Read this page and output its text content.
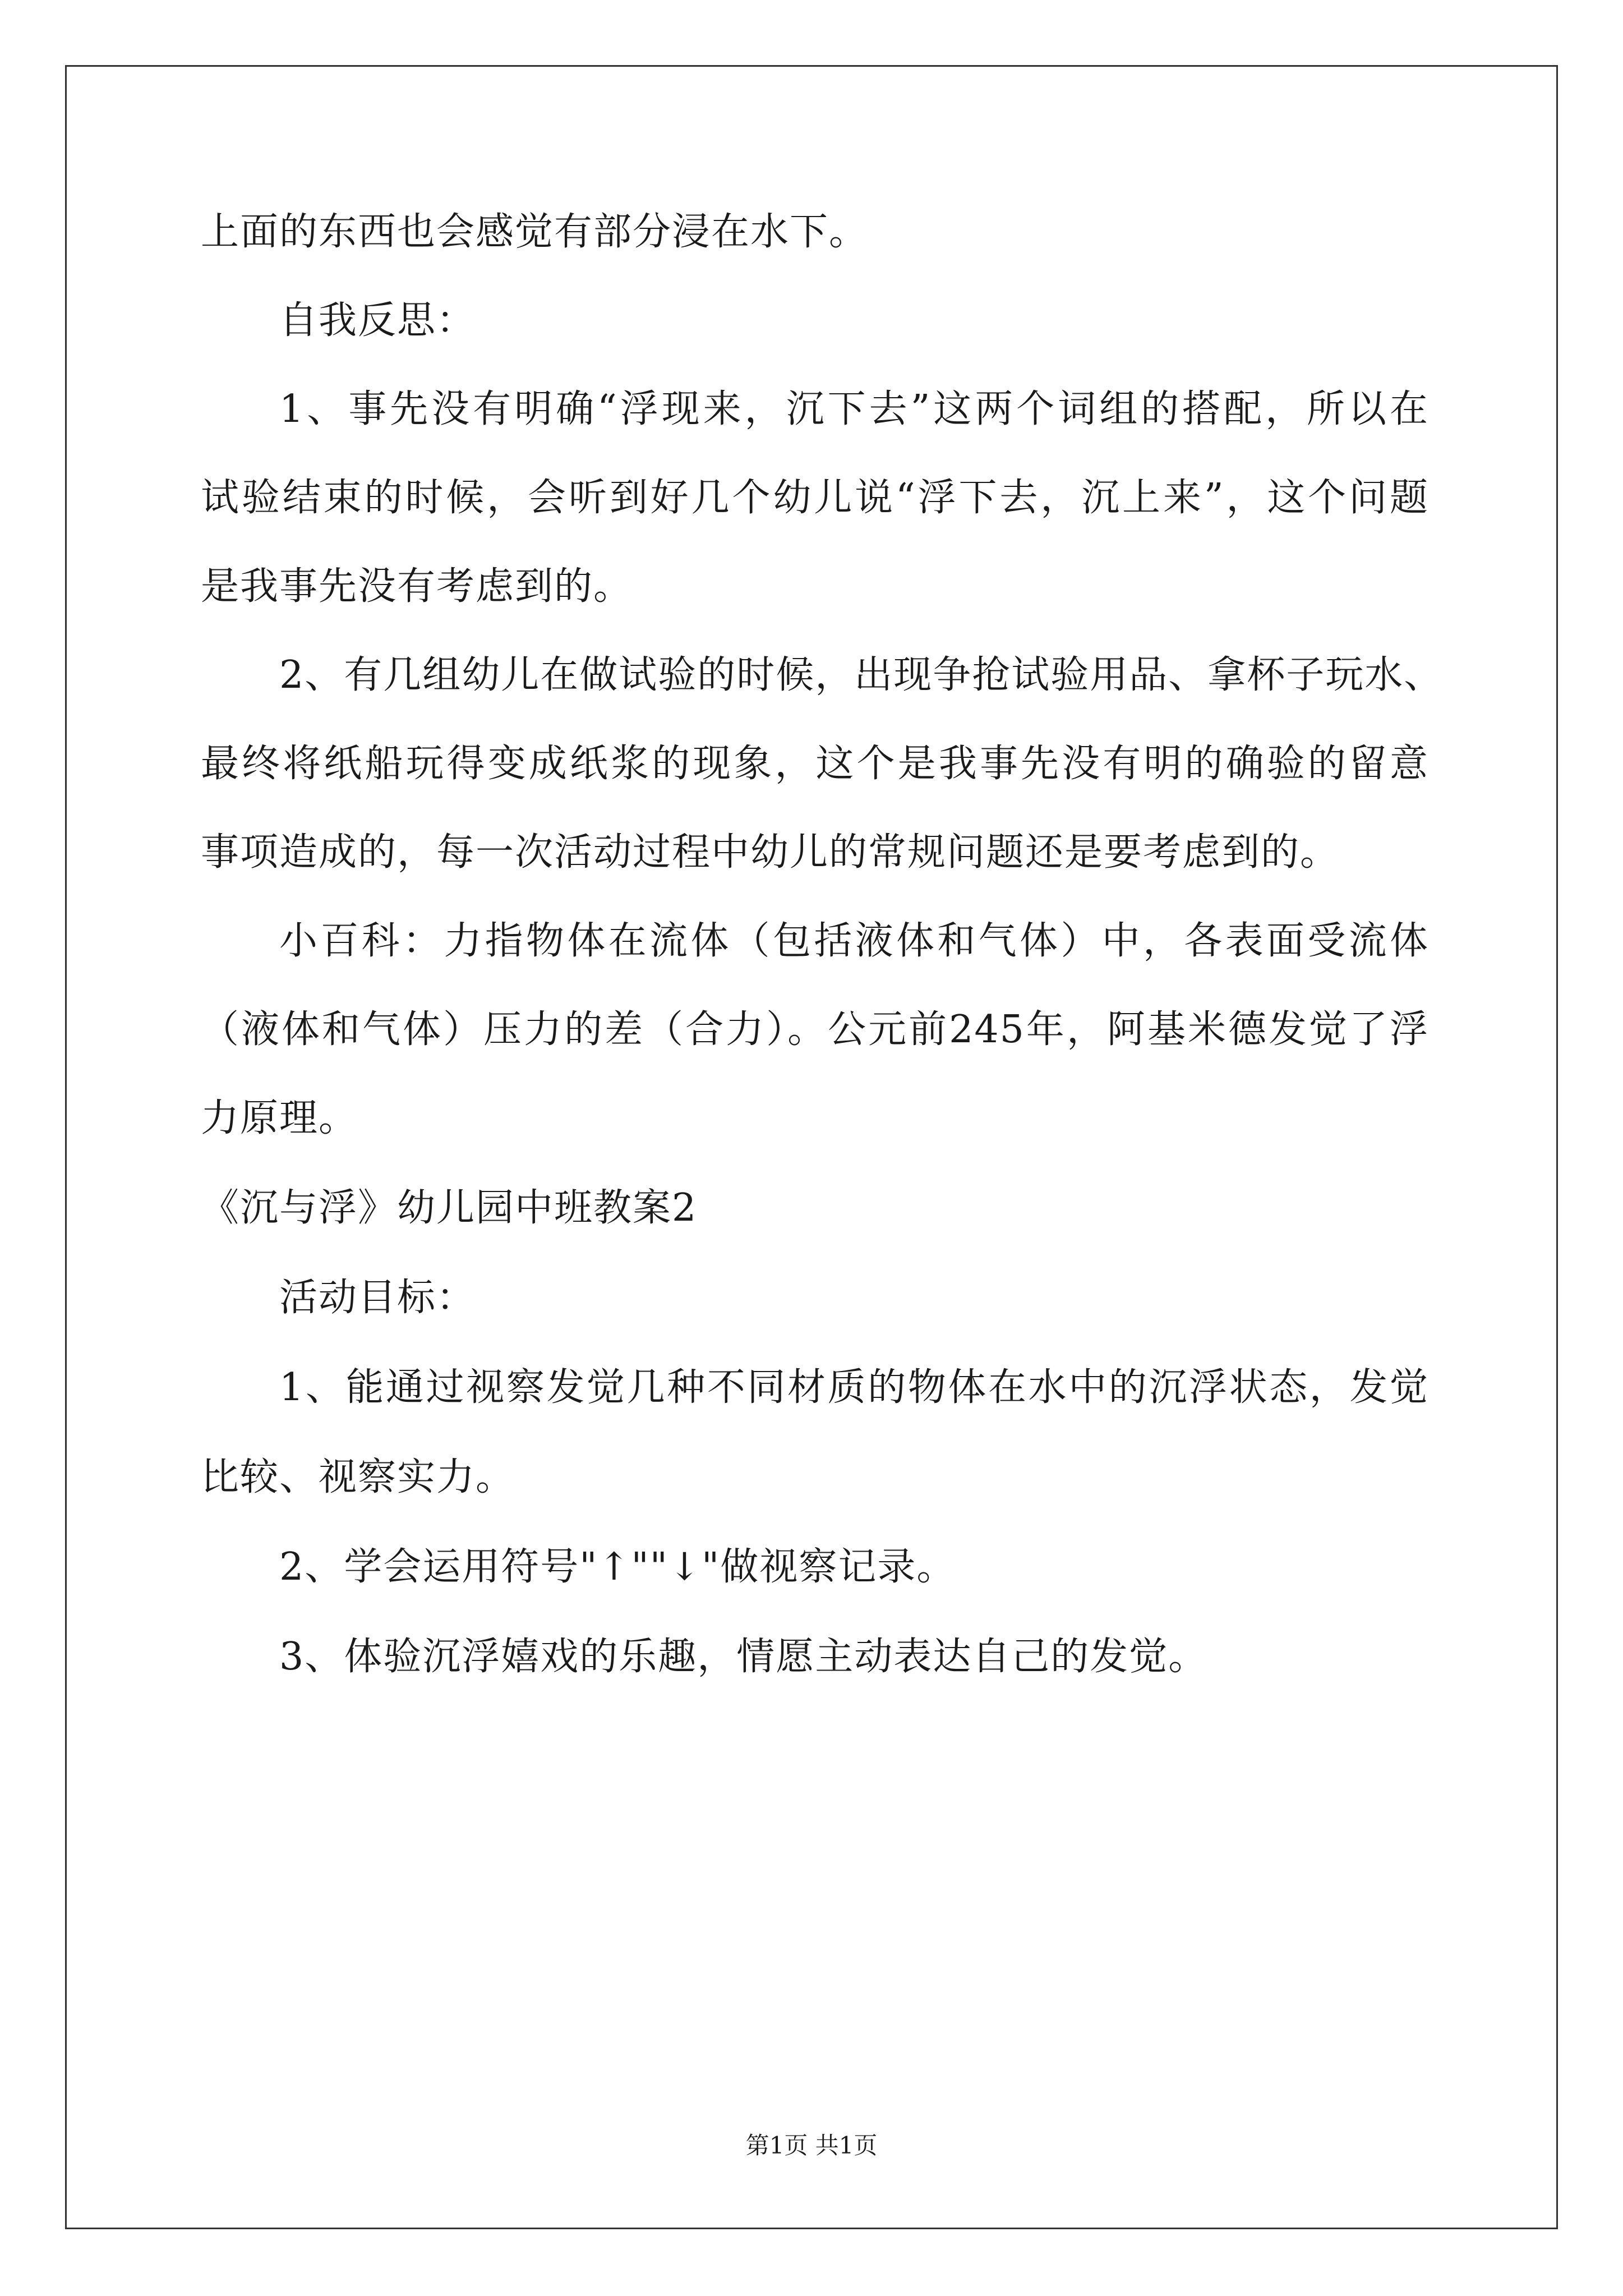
上面的东西也会感觉有部分浸在水下。
自我反思：
1、事先没有明确“浮现来，沉下去”这两个词组的搭配，所以在
试验结束的时候，会听到好几个幼儿说“浮下去，沉上来”，这个问题
是我事先没有考虑到的。
2、有几组幼儿在做试验的时候，出现争抢试验用品、拿杯子玩水、
最终将纸船玩得变成纸浆的现象，这个是我事先没有明的确验的留意
事项造成的，每一次活动过程中幼儿的常规问题还是要考虑到的。
小百科：力指物体在流体（包括液体和气体）中，各表面受流体
（液体和气体）压力的差（合力）。公元前245年，阿基米德发觉了浮
力原理。
《沉与浮》幼儿园中班教案2
活动目标：
1、能通过视察发觉几种不同材质的物体在水中的沉浮状态，发觉
比较、视察实力。
2、学会运用符号"↑""↓"做视察记录。
3、体验沉浮嬉戏的乐趣，情愿主动表达自己的发觉。
第1页 共1页
